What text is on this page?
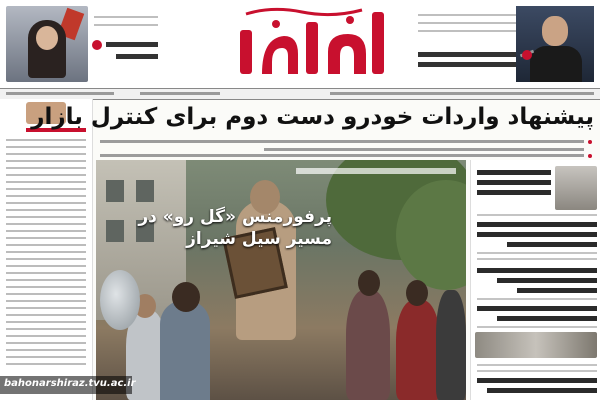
پیشنهاد واردات خودرو دست دوم برای کنترل بازار
پرفورمنس «گل رو» در مسیر سیل شیراز
bahonarshiraz.tvu.ac.ir
